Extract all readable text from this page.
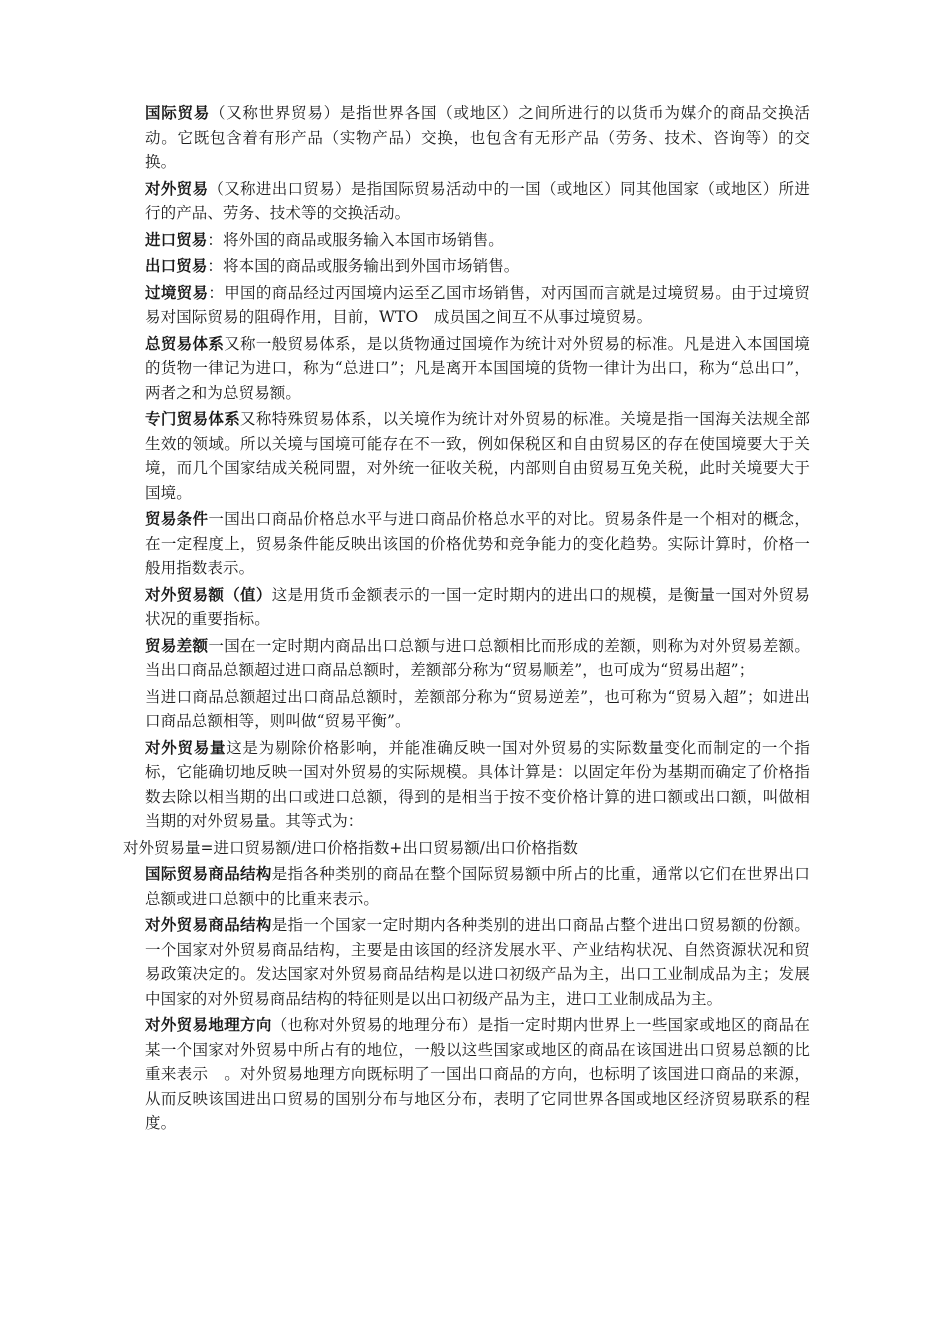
国际贸易（又称世界贸易）是指世界各国（或地区）之间所进行的以货币为媒介的商品交换活动。它既包含着有形产品（实物产品）交换，也包含有无形产品（劳务、技术、咨询等）的交换。

对外贸易（又称进出口贸易）是指国际贸易活动中的一国（或地区）同其他国家（或地区）所进行的产品、劳务、技术等的交换活动。

进口贸易：将外国的商品或服务输入本国市场销售。

出口贸易：将本国的商品或服务输出到外国市场销售。

过境贸易：甲国的商品经过丙国境内运至乙国市场销售，对丙国而言就是过境贸易。由于过境贸易对国际贸易的阻碍作用，目前，WTO　成员国之间互不从事过境贸易。

总贸易体系又称一般贸易体系，是以货物通过国境作为统计对外贸易的标准。凡是进入本国国境的货物一律记为进口，称为“总进口”；凡是离开本国国境的货物一律计为出口，称为“总出口”，两者之和为总贸易额。

专门贸易体系又称特殊贸易体系，以关境作为统计对外贸易的标准。关境是指一国海关法规全部生效的领域。所以关境与国境可能存在不一致，例如保税区和自由贸易区的存在使国境要大于关境，而几个国家结成关税同盟，对外统一征收关税，内部则自由贸易互免关税，此时关境要大于国境。

贸易条件一国出口商品价格总水平与进口商品价格总水平的对比。贸易条件是一个相对的概念，在一定程度上，贸易条件能反映出该国的价格优势和竞争能力的变化趋势。实际计算时，价格一般用指数表示。

对外贸易额（值）这是用货币金额表示的一国一定时期内的进出口的规模，是衡量一国对外贸易状况的重要指标。

贸易差额一国在一定时期内商品出口总额与进口总额相比而形成的差额，则称为对外贸易差额。当出口商品总额超过进口商品总额时，差额部分称为“贸易顺差”，也可成为“贸易出超”；

当进口商品总额超过出口商品总额时，差额部分称为“贸易逆差”，也可称为“贸易入超”；如进出口商品总额相等，则叫做“贸易平衡”。

对外贸易量这是为剔除价格影响，并能准确反映一国对外贸易的实际数量变化而制定的一个指标，它能确切地反映一国对外贸易的实际规模。具体计算是：以固定年份为基期而确定了价格指数去除以相当期的出口或进口总额，得到的是相当于按不变价格计算的进口额或出口额，叫做相当期的对外贸易量。其等式为：

对外贸易量=进口贸易额/进口价格指数+出口贸易额/出口价格指数

国际贸易商品结构是指各种类别的商品在整个国际贸易额中所占的比重，通常以它们在世界出口总额或进口总额中的比重来表示。

对外贸易商品结构是指一个国家一定时期内各种类别的进出口商品占整个进出口贸易额的份额。一个国家对外贸易商品结构，主要是由该国的经济发展水平、产业结构状况、自然资源状况和贸易政策决定的。发达国家对外贸易商品结构是以进口初级产品为主，出口工业制成品为主；发展中国家的对外贸易商品结构的特征则是以出口初级产品为主，进口工业制成品为主。

对外贸易地理方向（也称对外贸易的地理分布）是指一定时期内世界上一些国家或地区的商品在某一个国家对外贸易中所占有的地位，一般以这些国家或地区的商品在该国进出口贸易总额的比重来表示　。对外贸易地理方向既标明了一国出口商品的方向，也标明了该国进口商品的来源，从而反映该国进出口贸易的国别分布与地区分布，表明了它同世界各国或地区经济贸易联系的程度。
